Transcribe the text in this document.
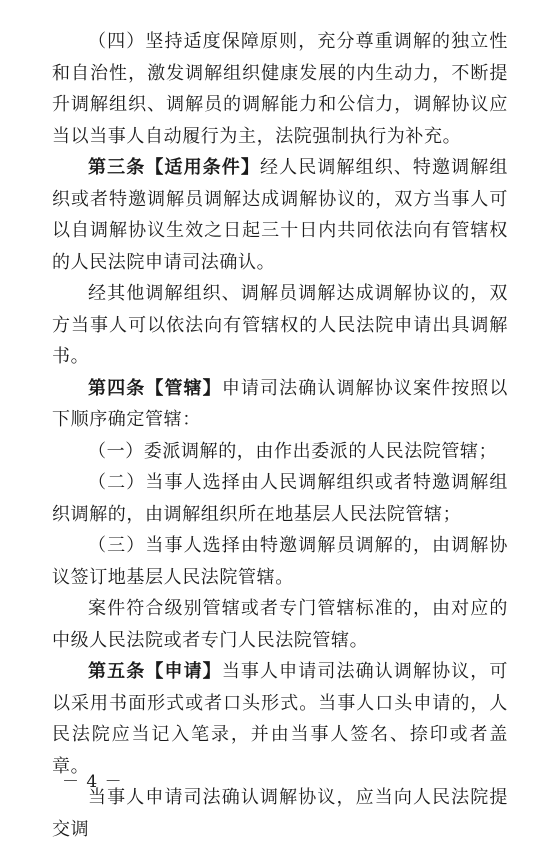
（四）坚持适度保障原则，充分尊重调解的独立性和自治性，激发调解组织健康发展的内生动力，不断提升调解组织、调解员的调解能力和公信力，调解协议应当以当事人自动履行为主，法院强制执行为补充。

第三条【适用条件】经人民调解组织、特邀调解组织或者特邀调解员调解达成调解协议的，双方当事人可以自调解协议生效之日起三十日内共同依法向有管辖权的人民法院申请司法确认。

经其他调解组织、调解员调解达成调解协议的，双方当事人可以依法向有管辖权的人民法院申请出具调解书。

第四条【管辖】申请司法确认调解协议案件按照以下顺序确定管辖：

（一）委派调解的，由作出委派的人民法院管辖；

（二）当事人选择由人民调解组织或者特邀调解组织调解的，由调解组织所在地基层人民法院管辖；

（三）当事人选择由特邀调解员调解的，由调解协议签订地基层人民法院管辖。

案件符合级别管辖或者专门管辖标准的，由对应的中级人民法院或者专门人民法院管辖。

第五条【申请】当事人申请司法确认调解协议，可以采用书面形式或者口头形式。当事人口头申请的，人民法院应当记入笔录，并由当事人签名、捺印或者盖章。

当事人申请司法确认调解协议，应当向人民法院提交调

－ 4 －
